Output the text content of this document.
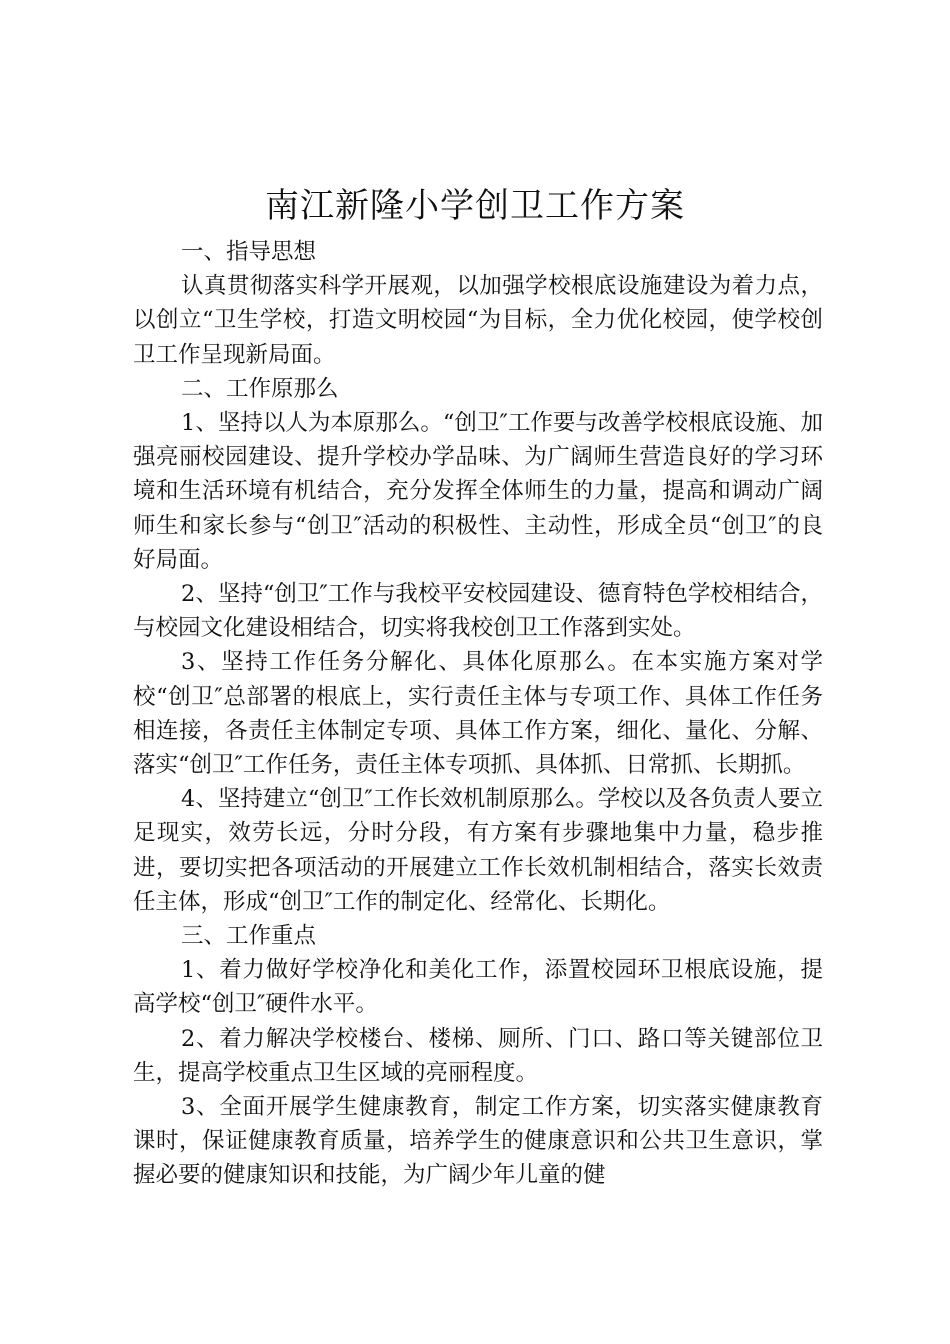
南江新隆小学创卫工作方案

一、指导思想

认真贯彻落实科学开展观，以加强学校根底设施建设为着力点，以创立“卫生学校，打造文明校园“为目标，全力优化校园，使学校创卫工作呈现新局面。

二、工作原那么

1、坚持以人为本原那么。“创卫″工作要与改善学校根底设施、加强亮丽校园建设、提升学校办学品味、为广阔师生营造良好的学习环境和生活环境有机结合，充分发挥全体师生的力量，提高和调动广阔师生和家长参与“创卫″活动的积极性、主动性，形成全员“创卫″的良好局面。

2、坚持“创卫″工作与我校平安校园建设、德育特色学校相结合，与校园文化建设相结合，切实将我校创卫工作落到实处。

3、坚持工作任务分解化、具体化原那么。在本实施方案对学校“创卫″总部署的根底上，实行责任主体与专项工作、具体工作任务相连接，各责任主体制定专项、具体工作方案，细化、量化、分解、落实“创卫″工作任务，责任主体专项抓、具体抓、日常抓、长期抓。

4、坚持建立“创卫″工作长效机制原那么。学校以及各负责人要立足现实，效劳长远，分时分段，有方案有步骤地集中力量，稳步推进，要切实把各项活动的开展建立工作长效机制相结合，落实长效责任主体，形成“创卫″工作的制定化、经常化、长期化。

三、工作重点

1、着力做好学校净化和美化工作，添置校园环卫根底设施，提高学校“创卫″硬件水平。

2、着力解决学校楼台、楼梯、厕所、门口、路口等关键部位卫生，提高学校重点卫生区域的亮丽程度。

3、全面开展学生健康教育，制定工作方案，切实落实健康教育课时，保证健康教育质量，培养学生的健康意识和公共卫生意识，掌握必要的健康知识和技能，为广阔少年儿童的健
